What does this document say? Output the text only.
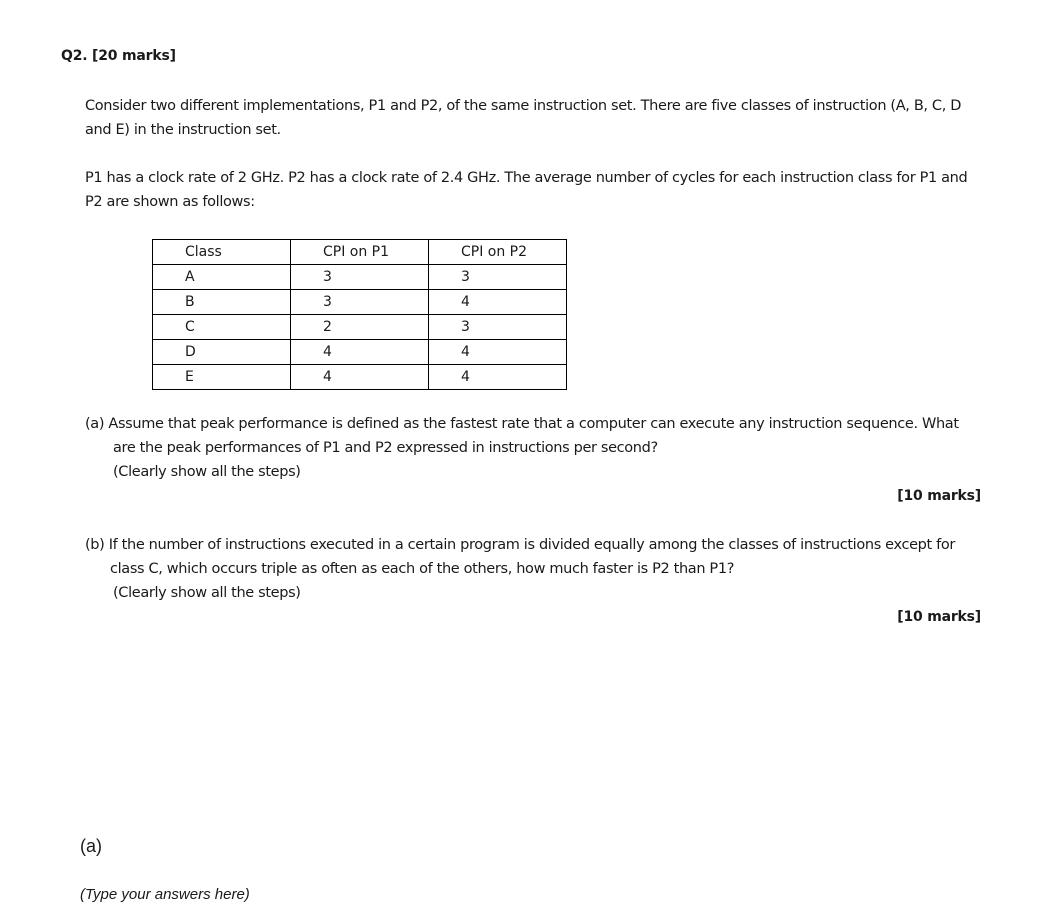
Q2. [20 marks]
Consider two different implementations, P1 and P2, of the same instruction set. There are five classes of instruction (A, B, C, D
and E) in the instruction set.
P1 has a clock rate of 2 GHz. P2 has a clock rate of 2.4 GHz. The average number of cycles for each instruction class for P1 and
P2 are shown as follows:
Class	CPI on P1	CPI on P2
A	3	3
B	3	4
C	2	3
D	4	4
E	4	4
(a) Assume that peak performance is defined as the fastest rate that a computer can execute any instruction sequence. What
are the peak performances of P1 and P2 expressed in instructions per second?
(Clearly show all the steps)
[10 marks]
(b) If the number of instructions executed in a certain program is divided equally among the classes of instructions except for
class C, which occurs triple as often as each of the others, how much faster is P2 than P1?
(Clearly show all the steps)
[10 marks]
(a)
(Type your answers here)
